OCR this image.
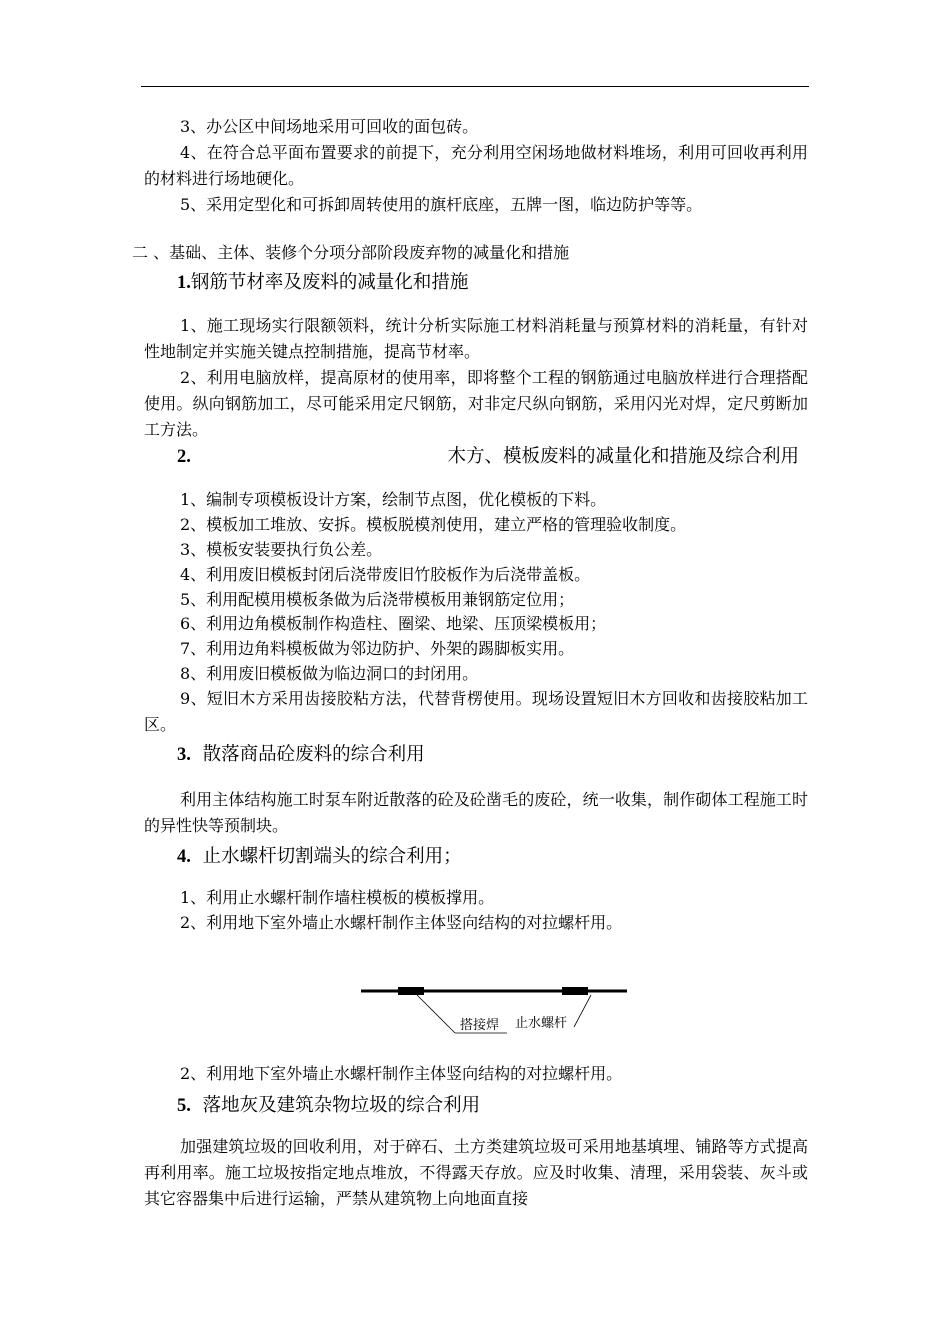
3、办公区中间场地采用可回收的面包砖。

4、在符合总平面布置要求的前提下，充分利用空闲场地做材料堆场，利用可回收再利用的材料进行场地硬化。

5、采用定型化和可拆卸周转使用的旗杆底座，五牌一图，临边防护等等。

二 、基础、主体、装修个分项分部阶段废弃物的减量化和措施

1.钢筋节材率及废料的减量化和措施

1、施工现场实行限额领料，统计分析实际施工材料消耗量与预算材料的消耗量，有针对性地制定并实施关键点控制措施，提高节材率。

2、利用电脑放样，提高原材的使用率，即将整个工程的钢筋通过电脑放样进行合理搭配使用。纵向钢筋加工，尽可能采用定尺钢筋，对非定尺纵向钢筋，采用闪光对焊，定尺剪断加工方法。

2.	木方、模板废料的减量化和措施及综合利用

1、编制专项模板设计方案，绘制节点图，优化模板的下料。

2、模板加工堆放、安拆。模板脱模剂使用，建立严格的管理验收制度。

3、模板安装要执行负公差。

4、利用废旧模板封闭后浇带废旧竹胶板作为后浇带盖板。

5、利用配模用模板条做为后浇带模板用兼钢筋定位用；

6、利用边角模板制作构造柱、圈梁、地梁、压顶梁模板用；

7、利用边角料模板做为邻边防护、外架的踢脚板实用。

8、利用废旧模板做为临边洞口的封闭用。

9、短旧木方采用齿接胶粘方法，代替背楞使用。现场设置短旧木方回收和齿接胶粘加工区。

3. 散落商品砼废料的综合利用

利用主体结构施工时泵车附近散落的砼及砼凿毛的废砼，统一收集，制作砌体工程施工时的异性快等预制块。

4. 止水螺杆切割端头的综合利用；

1、利用止水螺杆制作墙柱模板的模板撑用。

2、利用地下室外墙止水螺杆制作主体竖向结构的对拉螺杆用。

搭接焊 止水螺杆

2、利用地下室外墙止水螺杆制作主体竖向结构的对拉螺杆用。

5. 落地灰及建筑杂物垃圾的综合利用

加强建筑垃圾的回收利用，对于碎石、土方类建筑垃圾可采用地基填埋、铺路等方式提高再利用率。施工垃圾按指定地点堆放，不得露天存放。应及时收集、清理，采用袋装、灰斗或其它容器集中后进行运输，严禁从建筑物上向地面直接
